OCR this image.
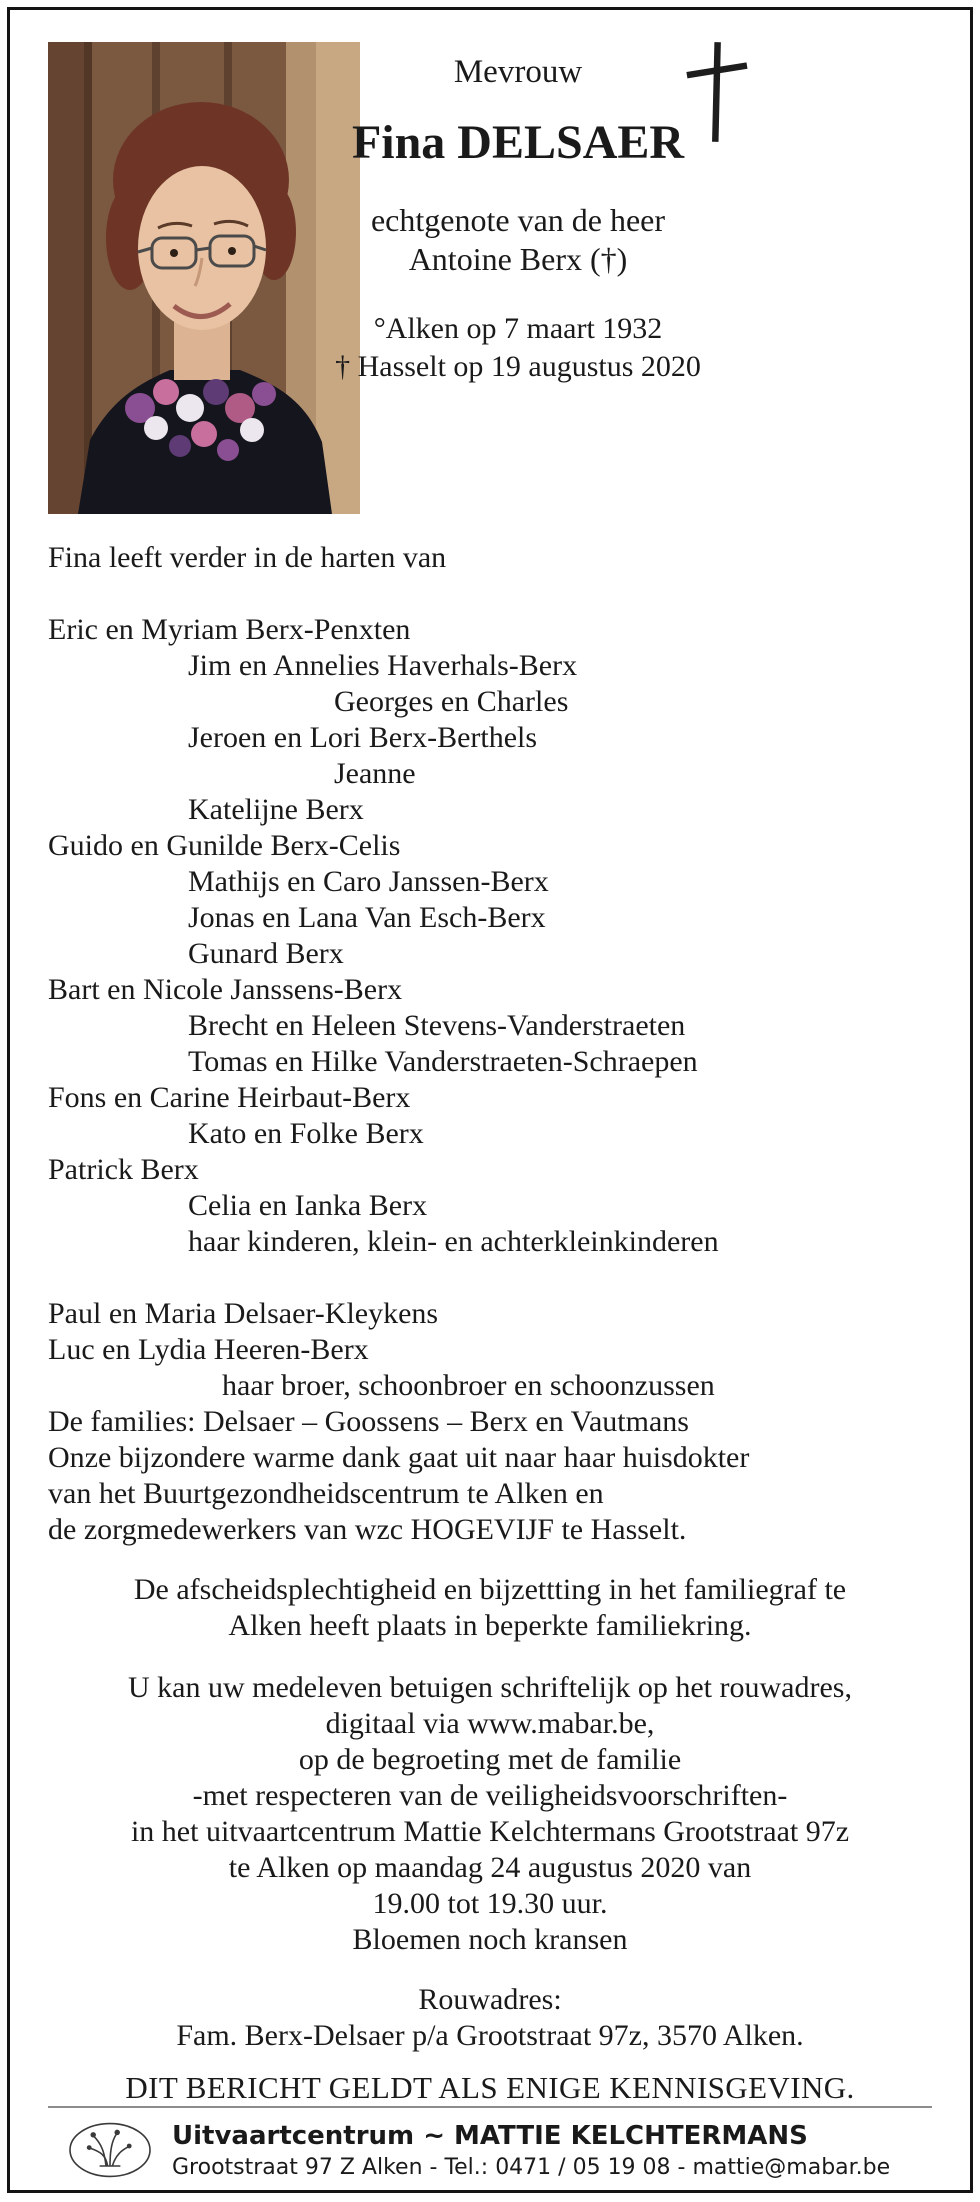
Mevrouw
Fina DELSAER
echtgenote van de heer
Antoine Berx (†)
°Alken op 7 maart 1932
† Hasselt op 19 augustus 2020
Fina leeft verder in de harten van
Eric en Myriam Berx-Penxten
Jim en Annelies Haverhals-Berx
Georges en Charles
Jeroen en Lori Berx-Berthels
Jeanne
Katelijne Berx
Guido en Gunilde Berx-Celis
Mathijs en Caro Janssen-Berx
Jonas en Lana Van Esch-Berx
Gunard Berx
Bart en Nicole Janssens-Berx
Brecht en Heleen Stevens-Vanderstraeten
Tomas en Hilke Vanderstraeten-Schraepen
Fons en Carine Heirbaut-Berx
Kato en Folke Berx
Patrick Berx
Celia en Ianka Berx
haar kinderen, klein- en achterkleinkinderen
Paul en Maria Delsaer-Kleykens
Luc en Lydia Heeren-Berx
haar broer, schoonbroer en schoonzussen
De families: Delsaer – Goossens – Berx en Vautmans
Onze bijzondere warme dank gaat uit naar haar huisdokter
van het Buurtgezondheidscentrum te Alken en
de zorgmedewerkers van wzc HOGEVIJF te Hasselt.
De afscheidsplechtigheid en bijzettting in het familiegraf te
Alken heeft plaats in beperkte familiekring.
U kan uw medeleven betuigen schriftelijk op het rouwadres,
digitaal via www.mabar.be,
op de begroeting met de familie
-met respecteren van de veiligheidsvoorschriften-
in het uitvaartcentrum Mattie Kelchtermans Grootstraat 97z
te Alken op maandag 24 augustus 2020 van
19.00 tot 19.30 uur.
Bloemen noch kransen
Rouwadres:
Fam. Berx-Delsaer p/a Grootstraat 97z, 3570 Alken.
DIT BERICHT GELDT ALS ENIGE KENNISGEVING.
Uitvaartcentrum ~ MATTIE KELCHTERMANS
Grootstraat 97 Z Alken - Tel.: 0471 / 05 19 08 - mattie@mabar.be
